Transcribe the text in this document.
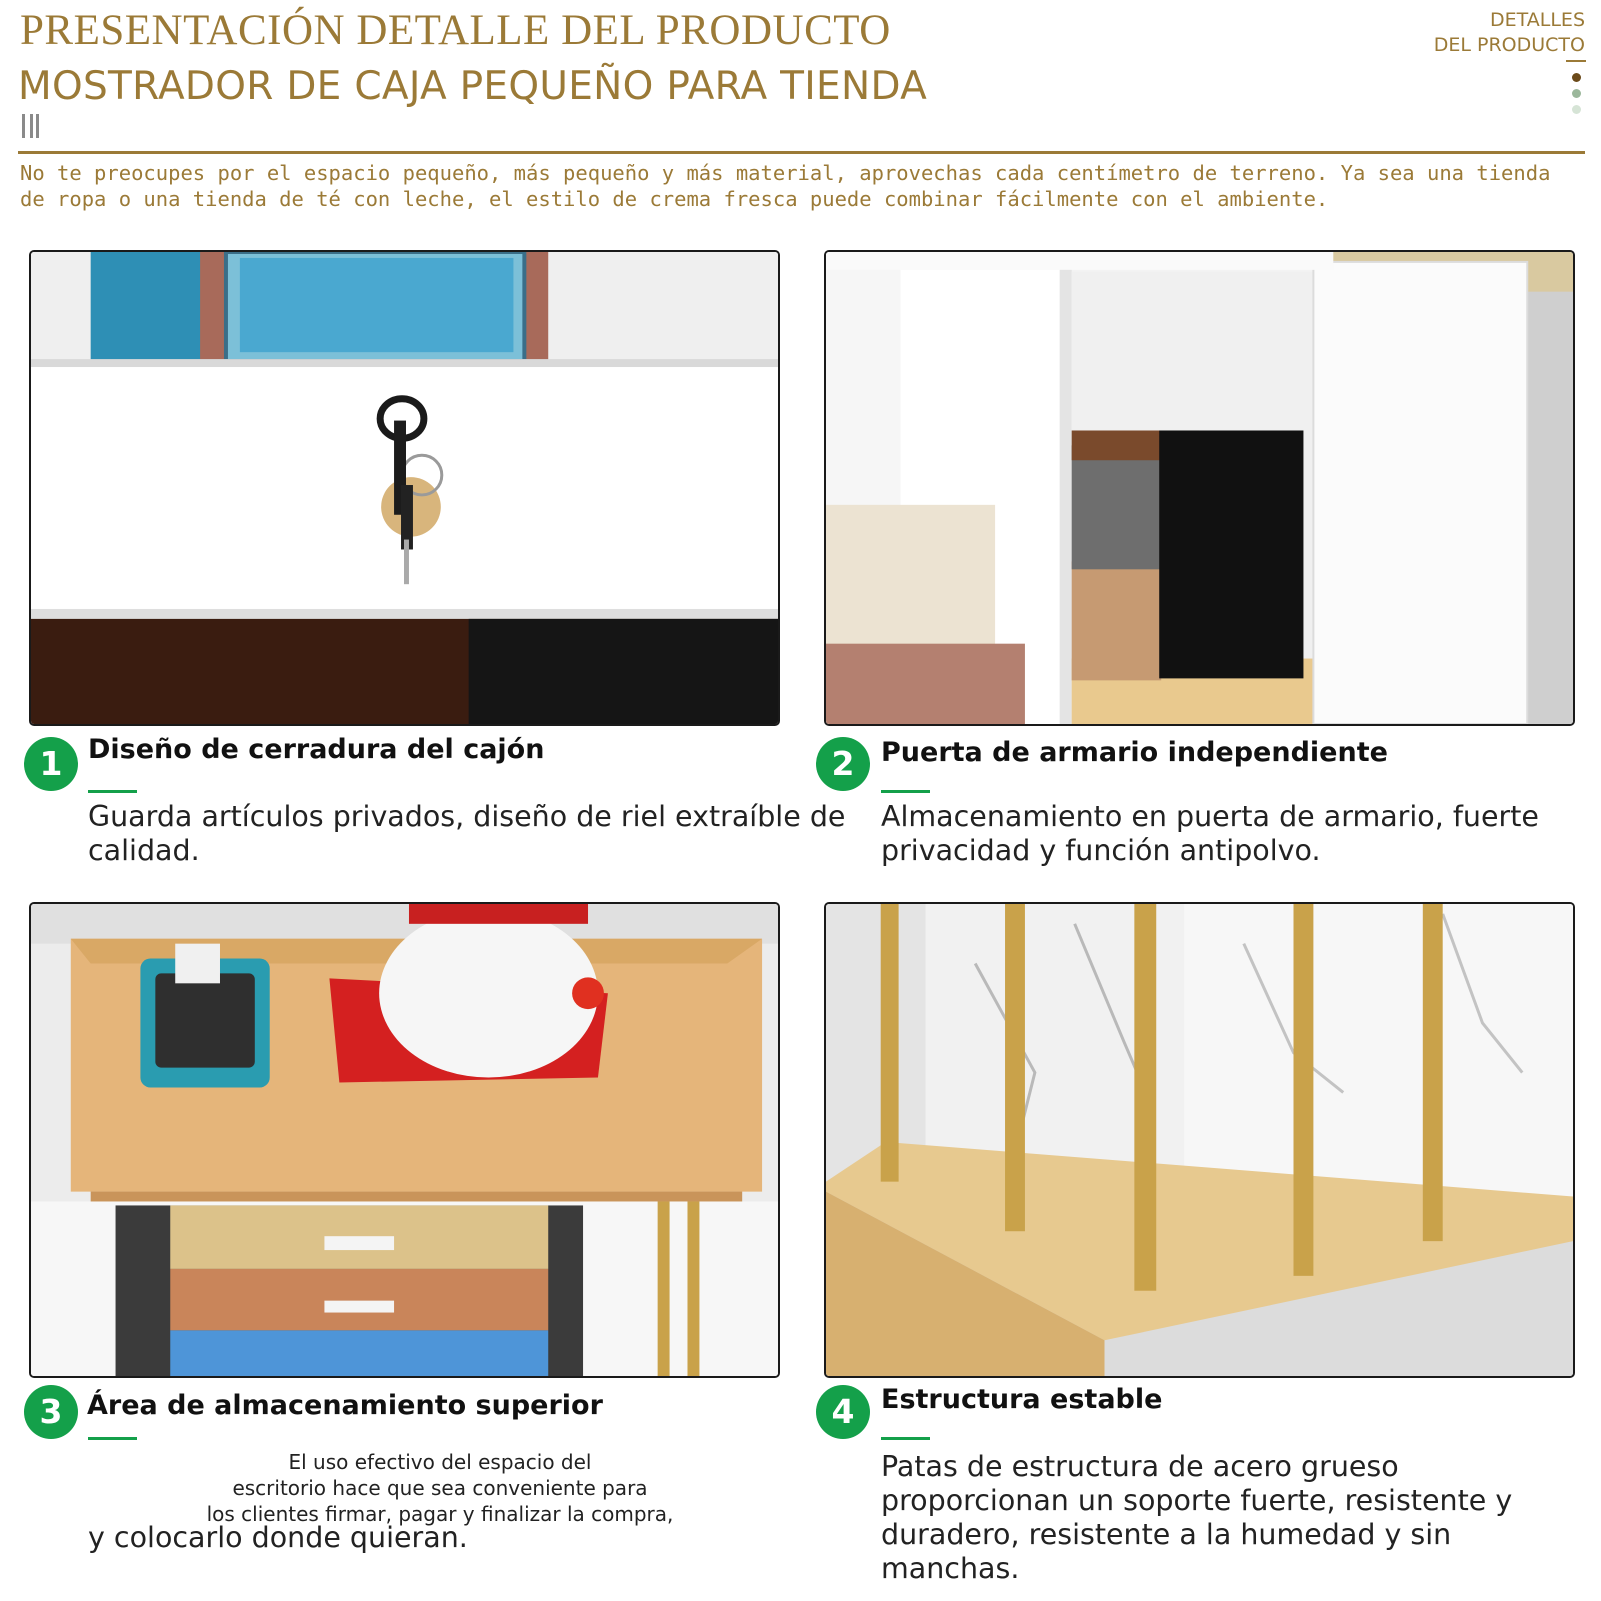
PRESENTACIÓN DETALLE DEL PRODUCTO
MOSTRADOR DE CAJA PEQUEÑO PARA TIENDA
DETALLES
DEL PRODUCTO
No te preocupes por el espacio pequeño, más pequeño y más material, aprovechas cada centímetro de terreno. Ya sea una tienda de ropa o una tienda de té con leche, el estilo de crema fresca puede combinar fácilmente con el ambiente.
1 Diseño de cerradura del cajón
Guarda artículos privados, diseño de riel extraíble de calidad.
2 Puerta de armario independiente
Almacenamiento en puerta de armario, fuerte privacidad y función antipolvo.
3 Área de almacenamiento superior
El uso efectivo del espacio del
escritorio hace que sea conveniente para
los clientes firmar, pagar y finalizar la compra,
y colocarlo donde quieran.
4 Estructura estable
Patas de estructura de acero grueso proporcionan un soporte fuerte, resistente y duradero, resistente a la humedad y sin manchas.
